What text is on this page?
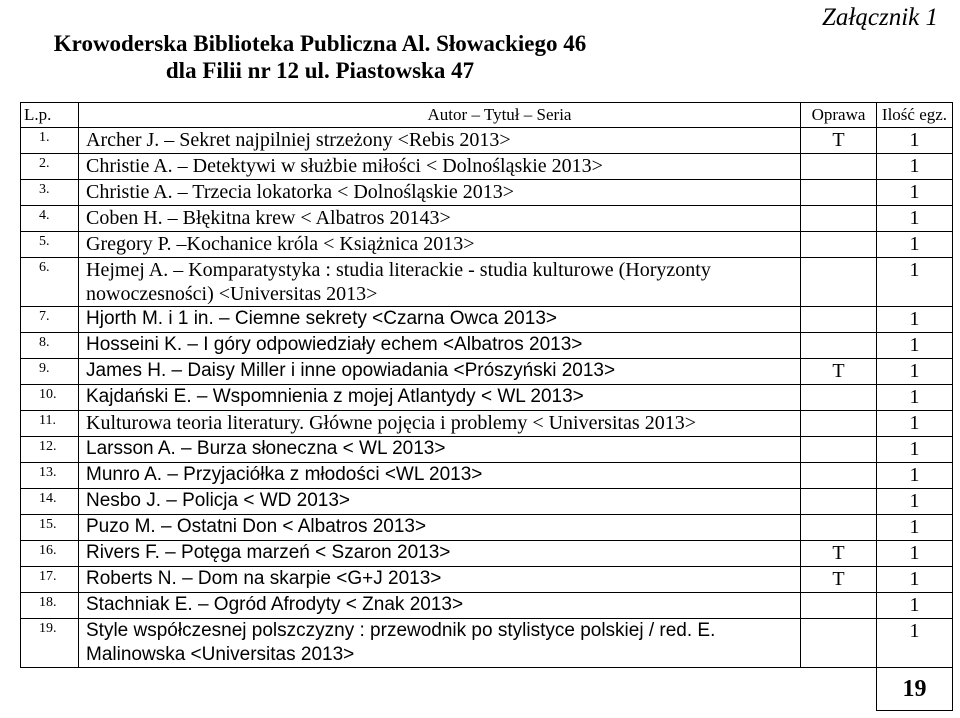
Załącznik 1
Krowoderska Biblioteka Publiczna Al. Słowackiego 46
dla Filii nr 12 ul. Piastowska 47
L.p.	Autor – Tytuł – Seria	Oprawa	Ilość egz.
1.	Archer J. – Sekret najpilniej strzeżony <Rebis 2013>	T	1
2.	Christie A. – Detektywi w służbie miłości < Dolnośląskie 2013>		1
3.	Christie A. – Trzecia lokatorka < Dolnośląskie 2013>		1
4.	Coben H. – Błękitna krew < Albatros 20143>		1
5.	Gregory P. –Kochanice króla < Książnica 2013>		1
6.	Hejmej A. – Komparatystyka : studia literackie - studia kulturowe (Horyzonty nowoczesności) <Universitas 2013>		1
7.	Hjorth M. i 1 in. – Ciemne sekrety <Czarna Owca 2013>		1
8.	Hosseini K. – I góry odpowiedziały echem <Albatros 2013>		1
9.	James H. – Daisy Miller i inne opowiadania <Prószyński 2013>	T	1
10.	Kajdański E. – Wspomnienia z mojej Atlantydy < WL 2013>		1
11.	Kulturowa teoria literatury. Główne pojęcia i problemy < Universitas 2013>		1
12.	Larsson A. – Burza słoneczna < WL 2013>		1
13.	Munro A. – Przyjaciółka z młodości <WL 2013>		1
14.	Nesbo J. – Policja < WD 2013>		1
15.	Puzo M. – Ostatni Don < Albatros 2013>		1
16.	Rivers F. – Potęga marzeń < Szaron 2013>	T	1
17.	Roberts N. – Dom na skarpie <G+J 2013>	T	1
18.	Stachniak E. – Ogród Afrodyty < Znak 2013>		1
19.	Style współczesnej polszczyzny : przewodnik po stylistyce polskiej / red. E. Malinowska <Universitas 2013>		1
			19
